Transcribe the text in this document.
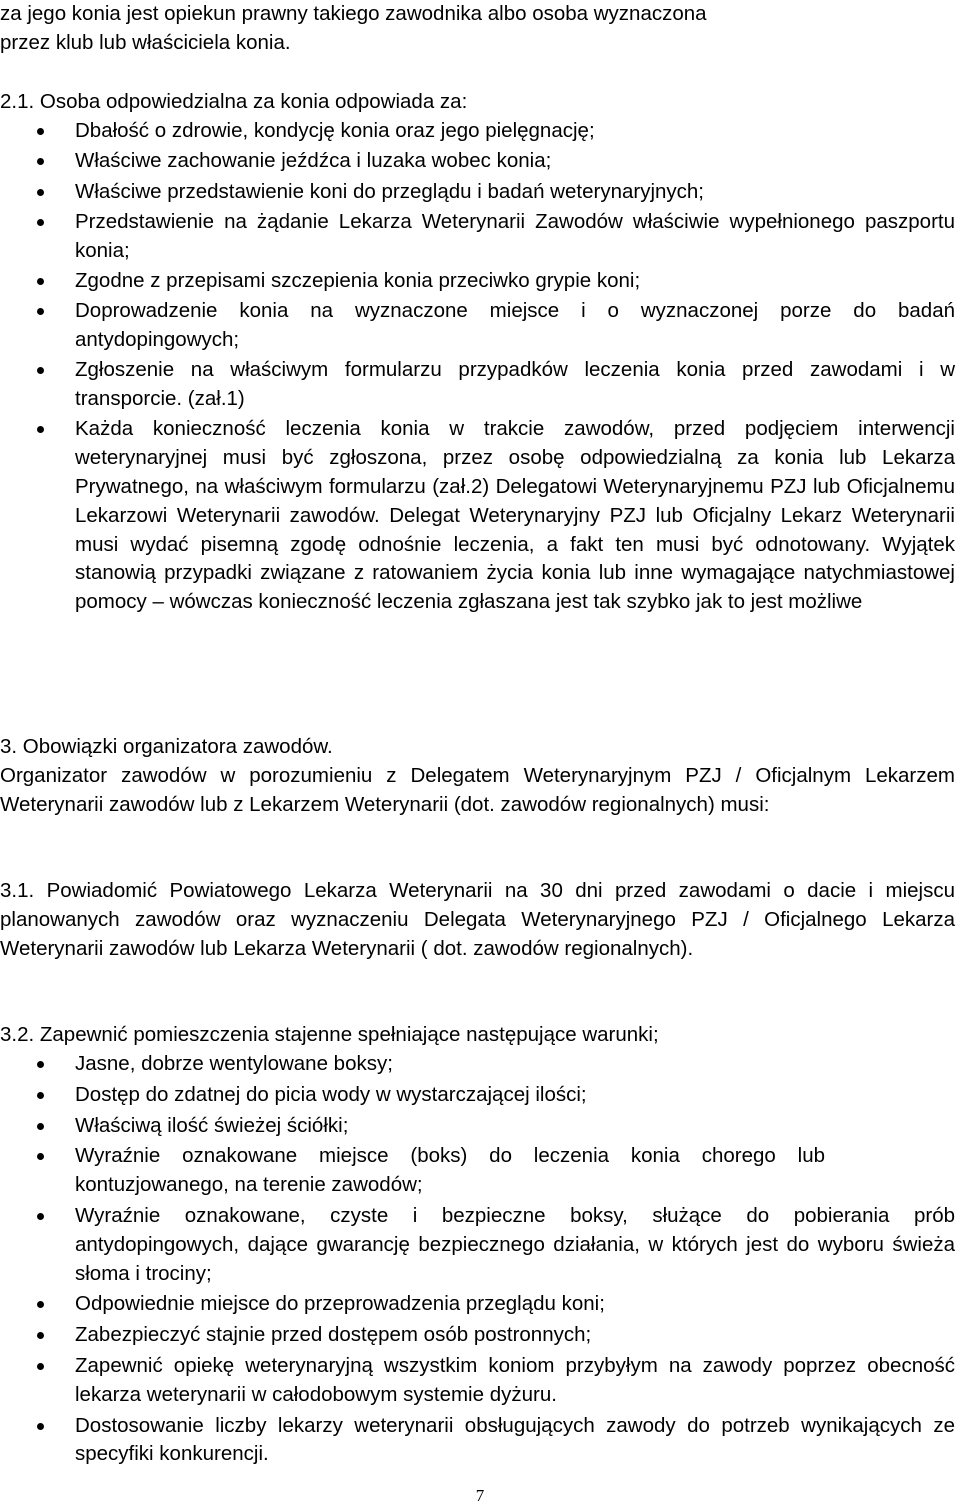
za jego konia jest opiekun prawny takiego zawodnika albo osoba wyznaczona

przez klub lub właściciela konia.

2.1. Osoba odpowiedzialna za konia odpowiada za:

Dbałość o zdrowie, kondycję konia oraz jego pielęgnację;
Właściwe zachowanie jeźdźca i luzaka wobec konia;
Właściwe przedstawienie koni do przeglądu i badań weterynaryjnych;
Przedstawienie na żądanie Lekarza Weterynarii Zawodów właściwie wypełnionego paszportu konia;
Zgodne z przepisami szczepienia konia przeciwko grypie koni;
Doprowadzenie konia na wyznaczone miejsce i o wyznaczonej porze do badań antydopingowych;
Zgłoszenie na właściwym formularzu przypadków leczenia konia przed zawodami i w transporcie. (zał.1)
Każda konieczność leczenia konia w trakcie zawodów, przed podjęciem interwencji weterynaryjnej musi być zgłoszona, przez osobę odpowiedzialną za konia lub Lekarza Prywatnego, na właściwym formularzu (zał.2) Delegatowi Weterynaryjnemu PZJ lub Oficjalnemu Lekarzowi Weterynarii zawodów. Delegat Weterynaryjny PZJ lub Oficjalny Lekarz Weterynarii musi wydać pisemną zgodę odnośnie leczenia, a fakt ten musi być odnotowany. Wyjątek stanowią przypadki związane z ratowaniem życia konia lub inne wymagające natychmiastowej pomocy – wówczas konieczność leczenia zgłaszana jest tak szybko jak to jest możliwe

3. Obowiązki organizatora zawodów.

Organizator zawodów w porozumieniu z Delegatem Weterynaryjnym PZJ / Oficjalnym Lekarzem Weterynarii zawodów lub z Lekarzem Weterynarii (dot. zawodów regionalnych) musi:

3.1. Powiadomić Powiatowego Lekarza Weterynarii na 30 dni przed zawodami o dacie i miejscu planowanych zawodów oraz wyznaczeniu Delegata Weterynaryjnego PZJ / Oficjalnego Lekarza Weterynarii zawodów lub Lekarza Weterynarii ( dot. zawodów regionalnych).

3.2. Zapewnić pomieszczenia stajenne spełniające następujące warunki;

Jasne, dobrze wentylowane boksy;
Dostęp do zdatnej do picia wody w wystarczającej ilości;
Właściwą ilość świeżej ściółki;
Wyraźnie oznakowane miejsce (boks) do leczenia konia chorego lub kontuzjowanego, na terenie zawodów;
Wyraźnie oznakowane, czyste i bezpieczne boksy, służące do pobierania prób antydopingowych, dające gwarancję bezpiecznego działania, w których jest do wyboru świeża słoma i trociny;
Odpowiednie miejsce do przeprowadzenia przeglądu koni;
Zabezpieczyć stajnie przed dostępem osób postronnych;
Zapewnić opiekę weterynaryjną wszystkim koniom przybyłym na zawody poprzez obecność lekarza weterynarii w całodobowym systemie dyżuru.
Dostosowanie liczby lekarzy weterynarii obsługujących zawody do potrzeb wynikających ze specyfiki konkurencji.
7
